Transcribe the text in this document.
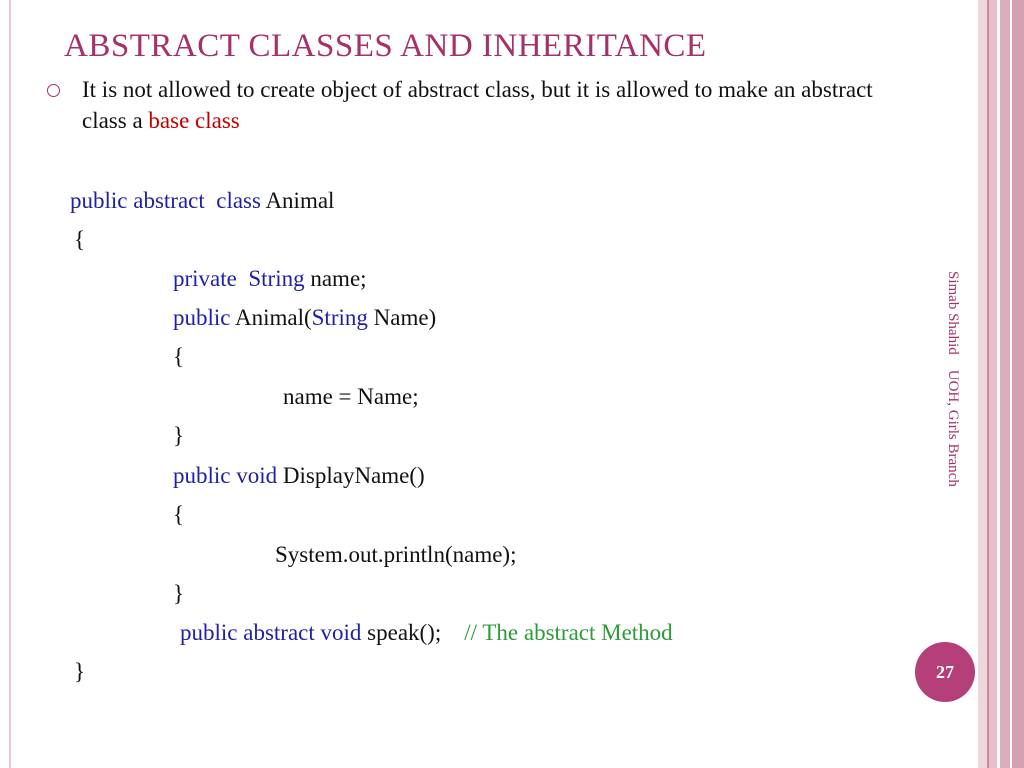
ABSTRACT CLASSES AND INHERITANCE
It is not allowed to create object of abstract class, but it is allowed to make an abstract class a base class
public abstract  class Animal
{
private  String name;
public Animal(String Name)
{
name = Name;
}
public void DisplayName()
{
System.out.println(name);
}
public abstract void speak(); // The abstract Method
}
Simab Shahid    UOH, Girls Branch
27
